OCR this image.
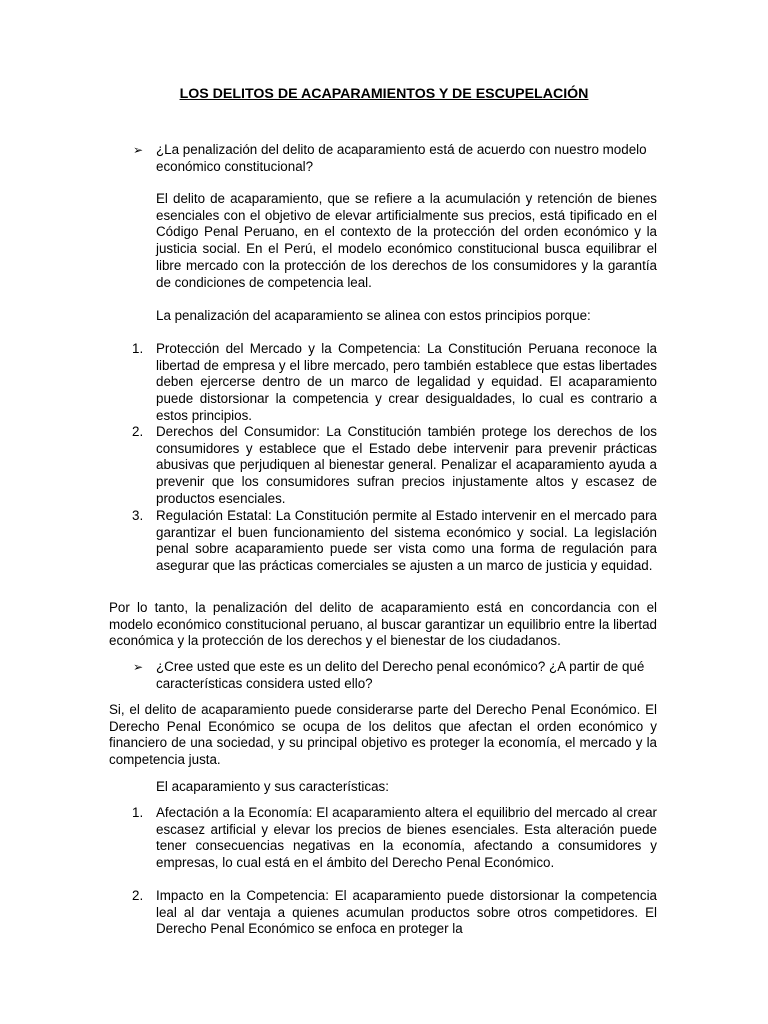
LOS DELITOS DE ACAPARAMIENTOS Y DE ESCUPELACIÓN
➢ ¿La penalización del delito de acaparamiento está de acuerdo con nuestro modelo económico constitucional?
El delito de acaparamiento, que se refiere a la acumulación y retención de bienes esenciales con el objetivo de elevar artificialmente sus precios, está tipificado en el Código Penal Peruano, en el contexto de la protección del orden económico y la justicia social. En el Perú, el modelo económico constitucional busca equilibrar el libre mercado con la protección de los derechos de los consumidores y la garantía de condiciones de competencia leal.
La penalización del acaparamiento se alinea con estos principios porque:
1. Protección del Mercado y la Competencia: La Constitución Peruana reconoce la libertad de empresa y el libre mercado, pero también establece que estas libertades deben ejercerse dentro de un marco de legalidad y equidad. El acaparamiento puede distorsionar la competencia y crear desigualdades, lo cual es contrario a estos principios.
2. Derechos del Consumidor: La Constitución también protege los derechos de los consumidores y establece que el Estado debe intervenir para prevenir prácticas abusivas que perjudiquen al bienestar general. Penalizar el acaparamiento ayuda a prevenir que los consumidores sufran precios injustamente altos y escasez de productos esenciales.
3. Regulación Estatal: La Constitución permite al Estado intervenir en el mercado para garantizar el buen funcionamiento del sistema económico y social. La legislación penal sobre acaparamiento puede ser vista como una forma de regulación para asegurar que las prácticas comerciales se ajusten a un marco de justicia y equidad.
Por lo tanto, la penalización del delito de acaparamiento está en concordancia con el modelo económico constitucional peruano, al buscar garantizar un equilibrio entre la libertad económica y la protección de los derechos y el bienestar de los ciudadanos.
➢ ¿Cree usted que este es un delito del Derecho penal económico? ¿A partir de qué características considera usted ello?
Si, el delito de acaparamiento puede considerarse parte del Derecho Penal Económico. El Derecho Penal Económico se ocupa de los delitos que afectan el orden económico y financiero de una sociedad, y su principal objetivo es proteger la economía, el mercado y la competencia justa.
El acaparamiento y sus características:
1. Afectación a la Economía: El acaparamiento altera el equilibrio del mercado al crear escasez artificial y elevar los precios de bienes esenciales. Esta alteración puede tener consecuencias negativas en la economía, afectando a consumidores y empresas, lo cual está en el ámbito del Derecho Penal Económico.
2. Impacto en la Competencia: El acaparamiento puede distorsionar la competencia leal al dar ventaja a quienes acumulan productos sobre otros competidores. El Derecho Penal Económico se enfoca en proteger la
